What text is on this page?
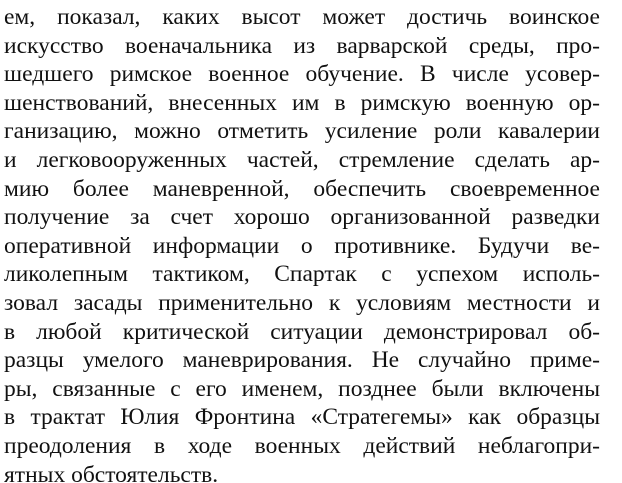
ем, показал, каких высот может достичь воинское
искусство военачальника из варварской среды, про-
шедшего римское военное обучение. В числе усовер-
шенствований, внесенных им в римскую военную ор-
ганизацию, можно отметить усиление роли кавалерии
и легковооруженных частей, стремление сделать ар-
мию более маневренной, обеспечить своевременное
получение за счет хорошо организованной разведки
оперативной информации о противнике. Будучи ве-
ликолепным тактиком, Спартак с успехом исполь-
зовал засады применительно к условиям местности и
в любой критической ситуации демонстрировал об-
разцы умелого маневрирования. Не случайно приме-
ры, связанные с его именем, позднее были включены
в трактат Юлия Фронтина «Стратегемы» как образцы
преодоления в ходе военных действий неблагопри-
ятных обстоятельств.
